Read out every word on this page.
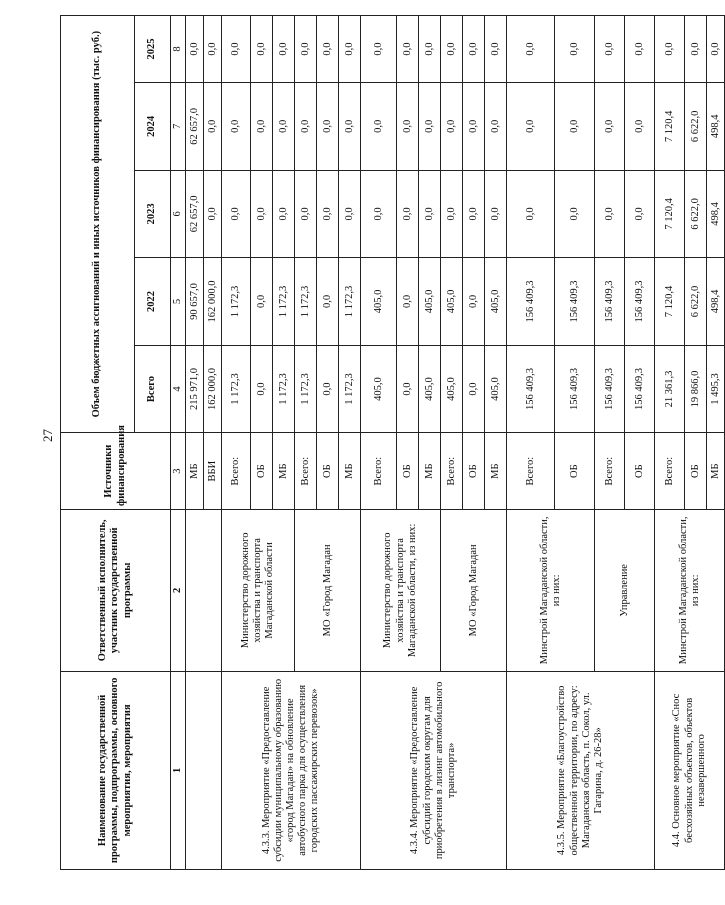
27
Наименование государственной программы, подпрограммы, основного мероприятия, мероприятия	Ответственный исполнитель, участник государственной программы	Источники финансирования	Объем бюджетных ассигнований и иных источников финансирования (тыс. руб.)				
			Всего	2022	2023	2024	2025
1	2	3	4	5	6	7	8
		МБ	215 971,0	90 657,0	62 657,0	62 657,0	0,0
		ВБИ	162 000,0	162 000,0	0,0	0,0	0,0
4.3.3. Мероприятие «Предоставление субсидии муниципальному образованию «город Магадан» на обновление автобусного парка для осуществления городских пассажирских перевозок»	Министерство дорожного хозяйства и транспорта Магаданской области	Всего:	1 172,3	1 172,3	0,0	0,0	0,0
		ОБ	0,0	0,0	0,0	0,0	0,0
		МБ	1 172,3	1 172,3	0,0	0,0	0,0
	МО «Город Магадан	Всего:	1 172,3	1 172,3	0,0	0,0	0,0
		ОБ	0,0	0,0	0,0	0,0	0,0
		МБ	1 172,3	1 172,3	0,0	0,0	0,0
4.3.4. Мероприятие «Предоставление субсидий городским округам для приобретения в лизинг автомобильного транспорта»	Министерство дорожного хозяйства и транспорта Магаданской области, из них:	Всего:	405,0	405,0	0,0	0,0	0,0
		ОБ	0,0	0,0	0,0	0,0	0,0
		МБ	405,0	405,0	0,0	0,0	0,0
	МО «Город Магадан	Всего:	405,0	405,0	0,0	0,0	0,0
		ОБ	0,0	0,0	0,0	0,0	0,0
		МБ	405,0	405,0	0,0	0,0	0,0
4.3.5. Мероприятие «Благоустройство общественной территории, по адресу: Магаданская область, п. Сокол, ул. Гагарина, д. 26-28»	Минстрой Магаданской области, из них:	Всего:	156 409,3	156 409,3	0,0	0,0	0,0
		ОБ	156 409,3	156 409,3	0,0	0,0	0,0
	Управление	Всего:	156 409,3	156 409,3	0,0	0,0	0,0
		ОБ	156 409,3	156 409,3	0,0	0,0	0,0
4.4. Основное мероприятие «Снос бесхозяйных объектов, объектов незавершенного	Минстрой Магаданской области, из них:	Всего:	21 361,3	7 120,4	7 120,4	7 120,4	0,0
		ОБ	19 866,0	6 622,0	6 622,0	6 622,0	0,0
		МБ	1 495,3	498,4	498,4	498,4	0,0
